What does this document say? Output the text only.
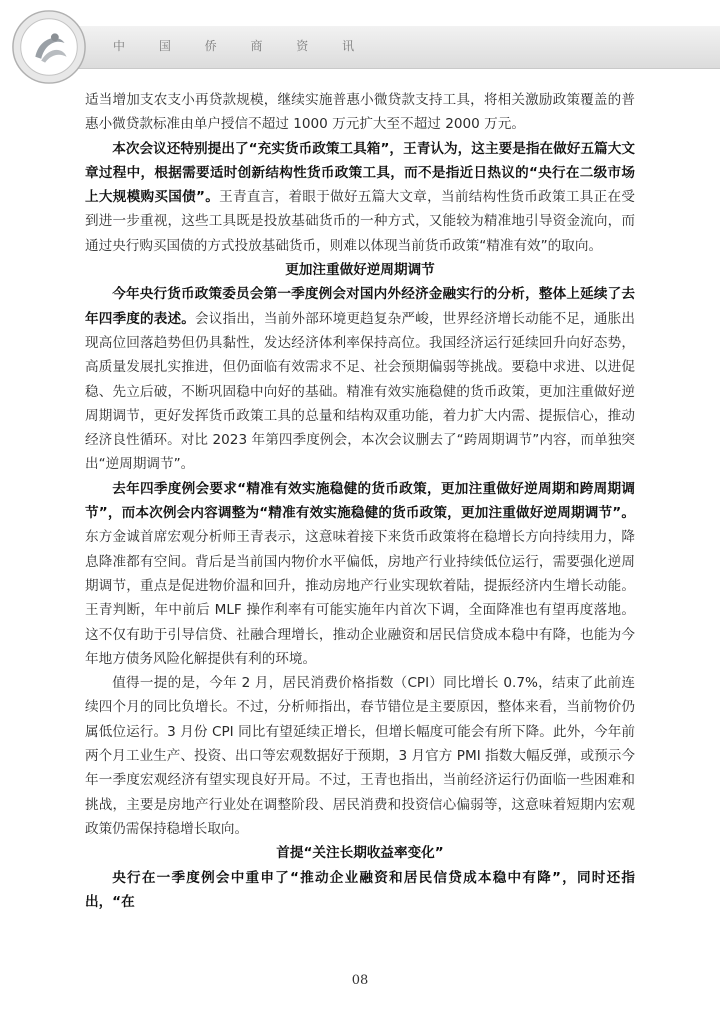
中 国 侨 商 资 讯

适当增加支农支小再贷款规模，继续实施普惠小微贷款支持工具，将相关激励政策覆盖的普惠小微贷款标准由单户授信不超过 1000 万元扩大至不超过 2000 万元。

本次会议还特别提出了“充实货币政策工具箱”，王青认为，这主要是指在做好五篇大文章过程中，根据需要适时创新结构性货币政策工具，而不是指近日热议的“央行在二级市场上大规模购买国债”。王青直言，着眼于做好五篇大文章，当前结构性货币政策工具正在受到进一步重视，这些工具既是投放基础货币的一种方式，又能较为精准地引导资金流向，而通过央行购买国债的方式投放基础货币，则难以体现当前货币政策“精准有效”的取向。

更加注重做好逆周期调节

今年央行货币政策委员会第一季度例会对国内外经济金融实行的分析，整体上延续了去年四季度的表述。会议指出，当前外部环境更趋复杂严峻，世界经济增长动能不足，通胀出现高位回落趋势但仍具黏性，发达经济体利率保持高位。我国经济运行延续回升向好态势，高质量发展扎实推进，但仍面临有效需求不足、社会预期偏弱等挑战。要稳中求进、以进促稳、先立后破，不断巩固稳中向好的基础。精准有效实施稳健的货币政策，更加注重做好逆周期调节，更好发挥货币政策工具的总量和结构双重功能，着力扩大内需、提振信心，推动经济良性循环。对比 2023 年第四季度例会，本次会议删去了“跨周期调节”内容，而单独突出“逆周期调节”。

去年四季度例会要求“精准有效实施稳健的货币政策，更加注重做好逆周期和跨周期调节”，而本次例会内容调整为“精准有效实施稳健的货币政策，更加注重做好逆周期调节”。东方金诚首席宏观分析师王青表示，这意味着接下来货币政策将在稳增长方向持续用力，降息降准都有空间。背后是当前国内物价水平偏低，房地产行业持续低位运行，需要强化逆周期调节，重点是促进物价温和回升，推动房地产行业实现软着陆，提振经济内生增长动能。王青判断，年中前后 MLF 操作利率有可能实施年内首次下调，全面降准也有望再度落地。这不仅有助于引导信贷、社融合理增长，推动企业融资和居民信贷成本稳中有降，也能为今年地方债务风险化解提供有利的环境。

值得一提的是，今年 2 月，居民消费价格指数（CPI）同比增长 0.7%，结束了此前连续四个月的同比负增长。不过，分析师指出，春节错位是主要原因，整体来看，当前物价仍属低位运行。3 月份 CPI 同比有望延续正增长，但增长幅度可能会有所下降。此外，今年前两个月工业生产、投资、出口等宏观数据好于预期，3 月官方 PMI 指数大幅反弹，或预示今年一季度宏观经济有望实现良好开局。不过，王青也指出，当前经济运行仍面临一些困难和挑战，主要是房地产行业处在调整阶段、居民消费和投资信心偏弱等，这意味着短期内宏观政策仍需保持稳增长取向。

首提“关注长期收益率变化”

央行在一季度例会中重申了“推动企业融资和居民信贷成本稳中有降”，同时还指出，“在

08
